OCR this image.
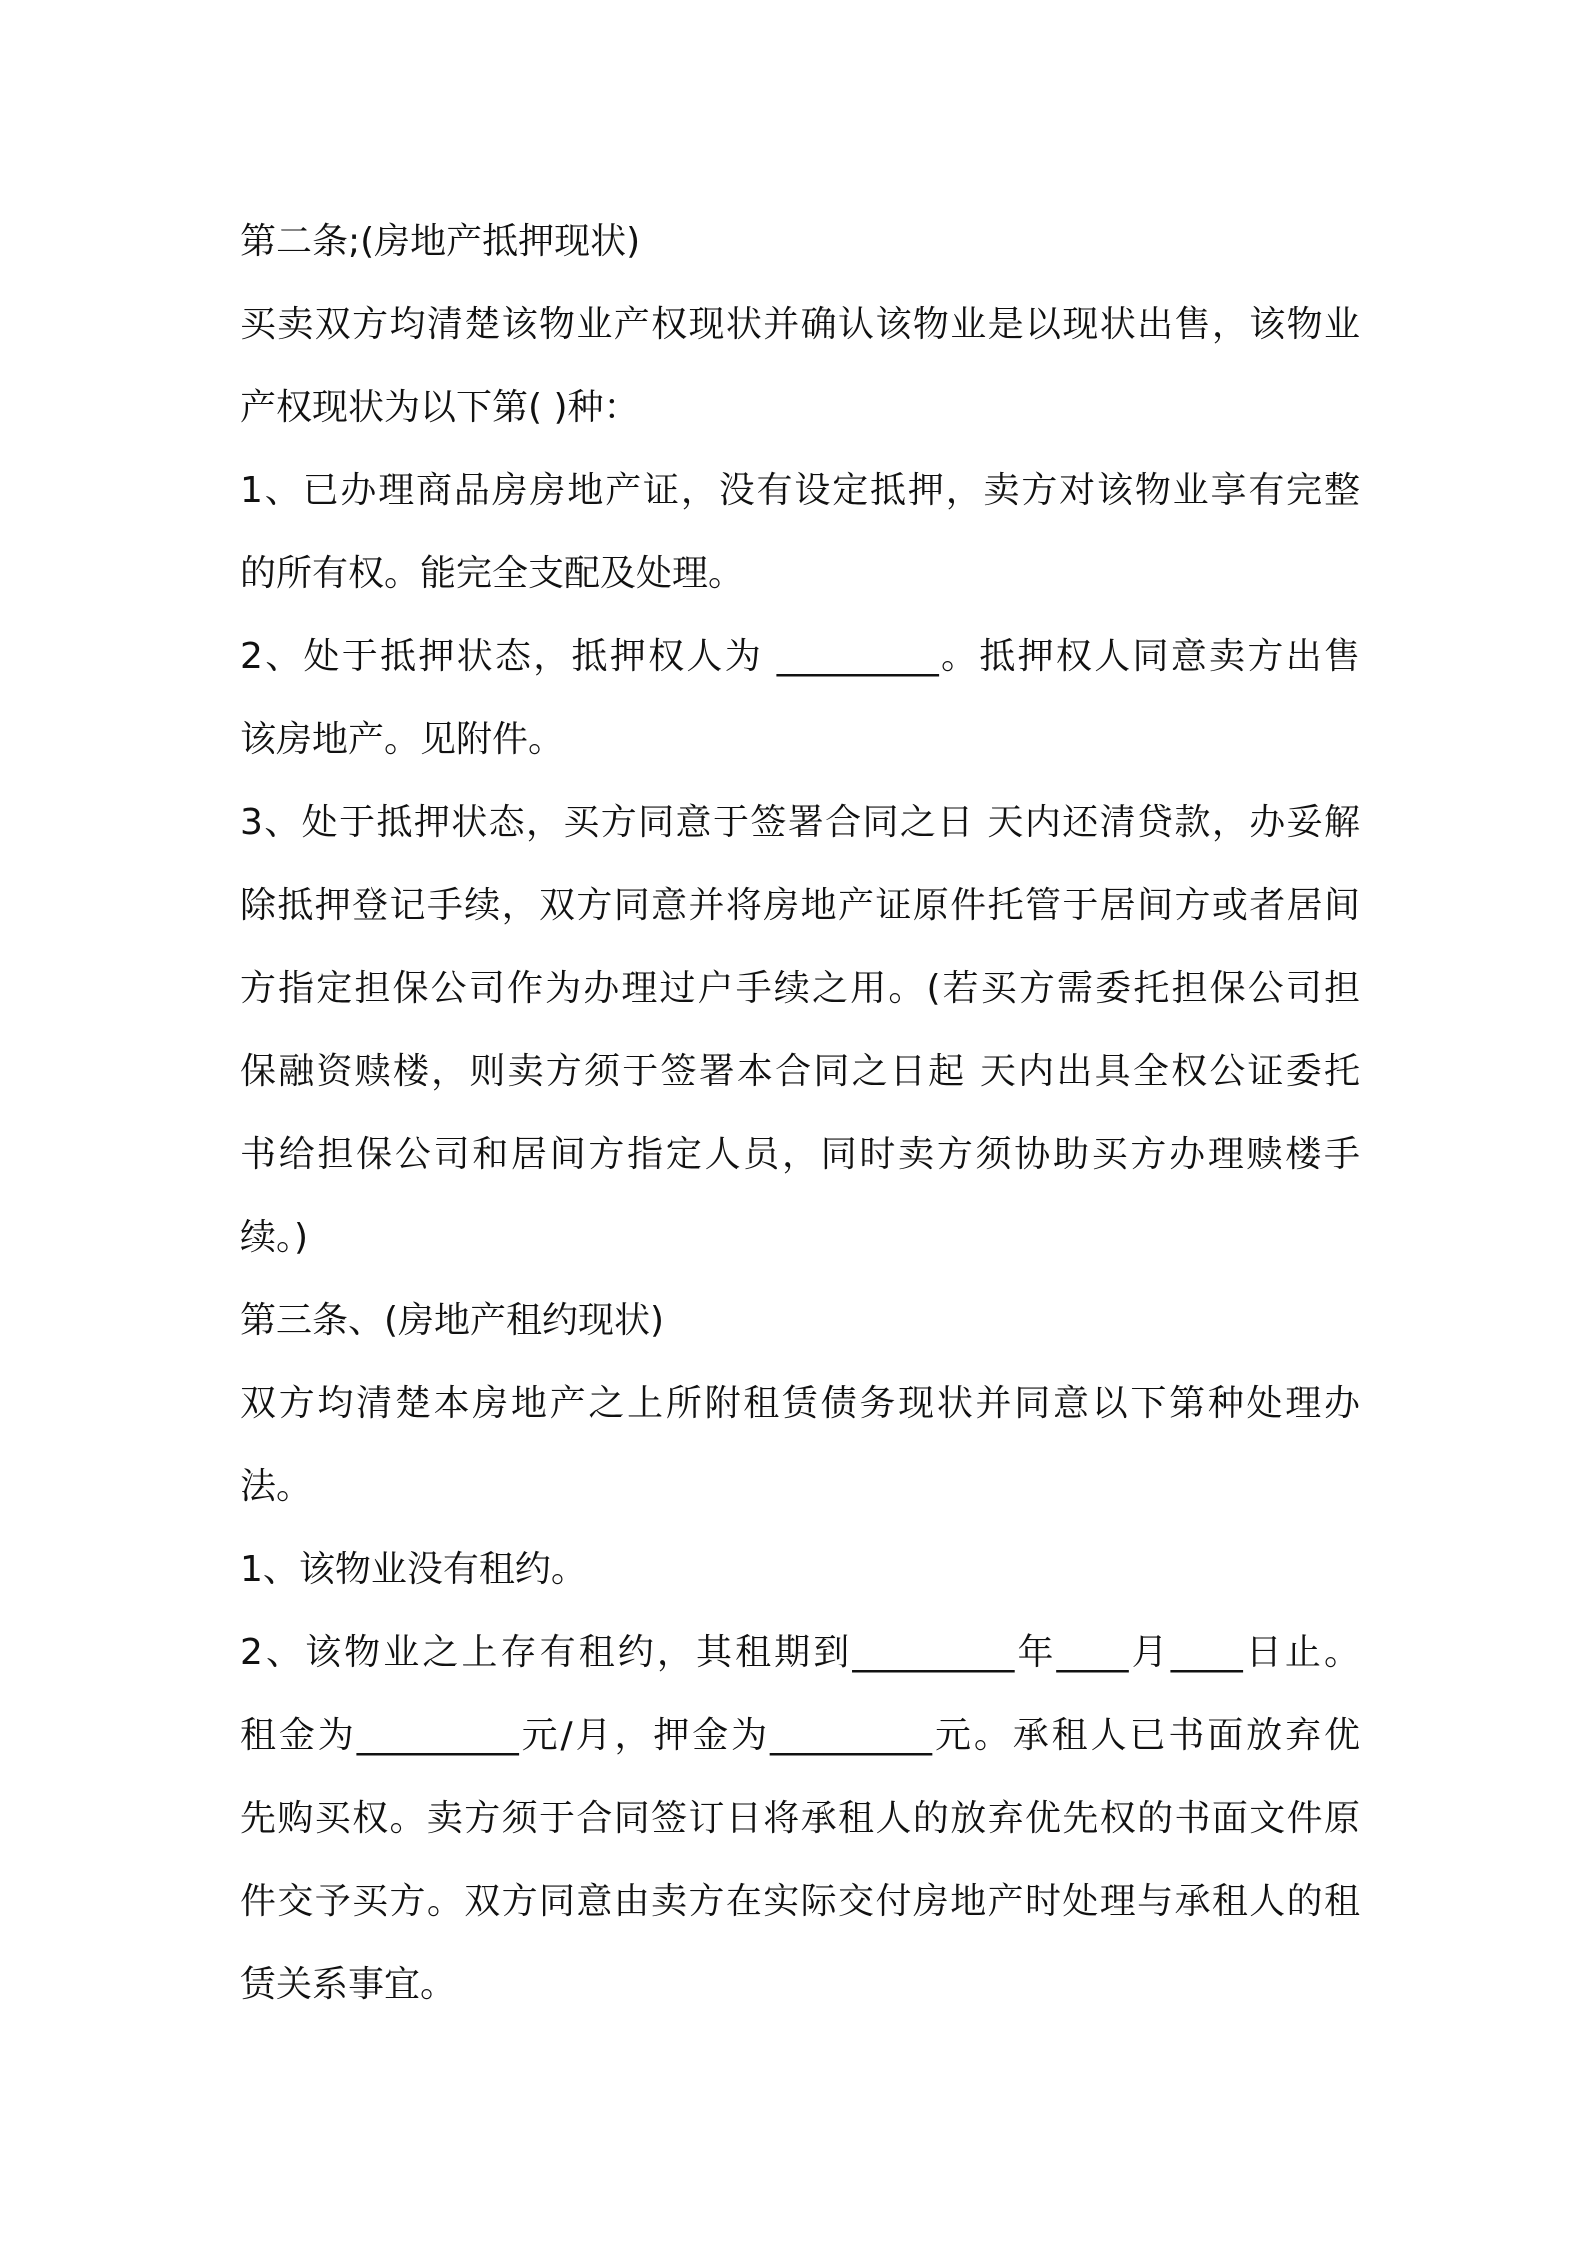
第二条;(房地产抵押现状)
买卖双方均清楚该物业产权现状并确认该物业是以现状出售，该物业
产权现状为以下第( )种：
1、已办理商品房房地产证，没有设定抵押，卖方对该物业享有完整
的所有权。能完全支配及处理。
2、处于抵押状态，抵押权人为 _________。抵押权人同意卖方出售
该房地产。见附件。
3、处于抵押状态，买方同意于签署合同之日 天内还清贷款，办妥解
除抵押登记手续，双方同意并将房地产证原件托管于居间方或者居间
方指定担保公司作为办理过户手续之用。(若买方需委托担保公司担
保融资赎楼，则卖方须于签署本合同之日起 天内出具全权公证委托
书给担保公司和居间方指定人员，同时卖方须协助买方办理赎楼手
续。)
第三条、(房地产租约现状)
双方均清楚本房地产之上所附租赁债务现状并同意以下第种处理办
法。
1、该物业没有租约。
2、该物业之上存有租约，其租期到_________年____月____日止。
租金为_________元/月，押金为_________元。承租人已书面放弃优
先购买权。卖方须于合同签订日将承租人的放弃优先权的书面文件原
件交予买方。双方同意由卖方在实际交付房地产时处理与承租人的租
赁关系事宜。
